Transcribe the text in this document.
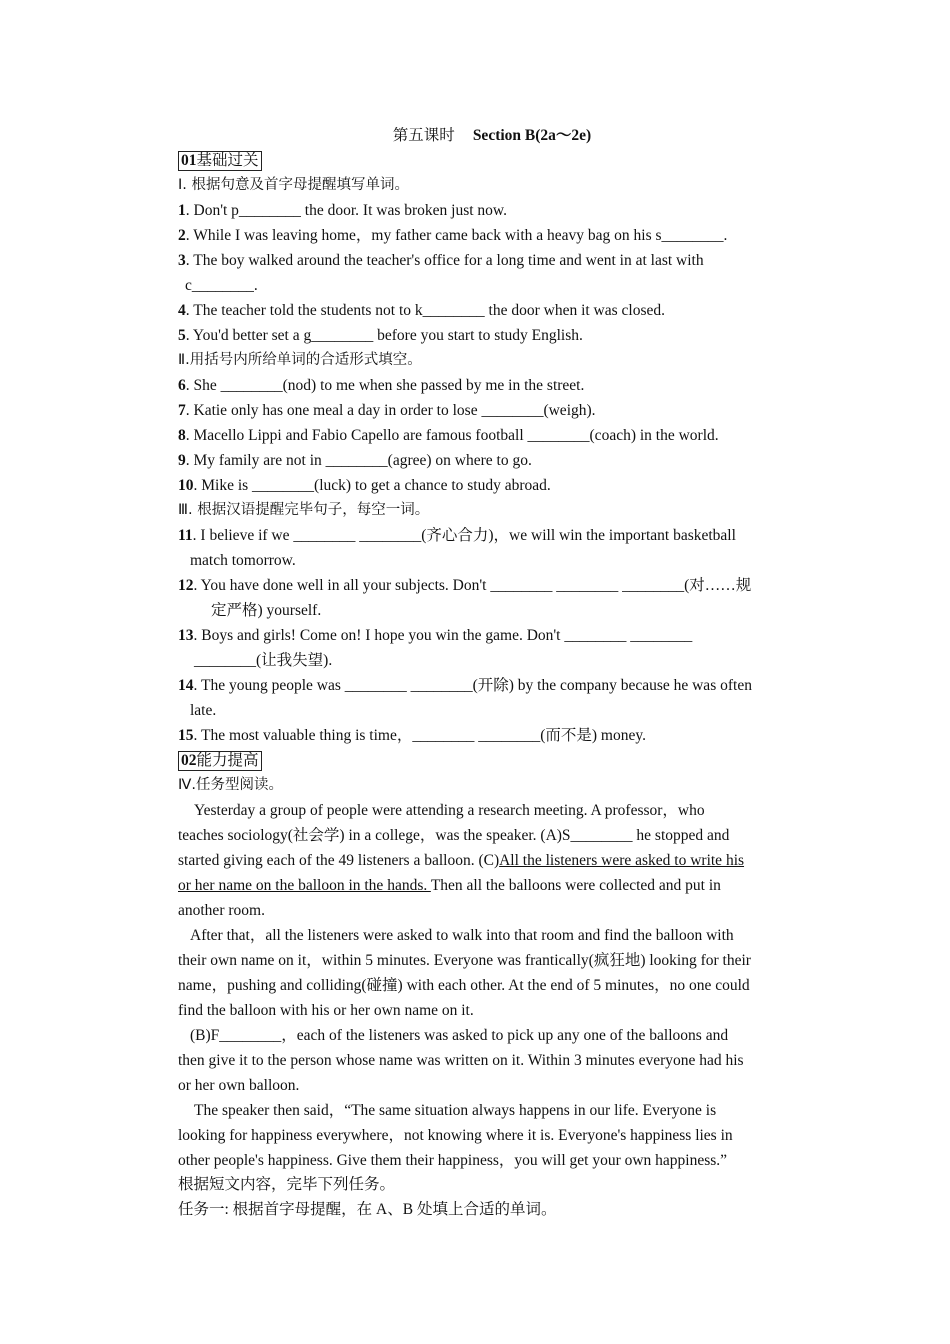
第五课时 Section B(2a～2e)
01基础过关
Ⅰ. 根据句意及首字母提醒填写单词。
1. Don't p________ the door. It was broken just now.
2. While I was leaving home，my father came back with a heavy bag on his s________.
3. The boy walked around the teacher's office for a long time and went in at last with
c________.
4. The teacher told the students not to k________ the door when it was closed.
5. You'd better set a g________ before you start to study English.
Ⅱ.用括号内所给单词的合适形式填空。
6. She ________(nod) to me when she passed by me in the street.
7. Katie only has one meal a day in order to lose ________(weigh).
8. Macello Lippi and Fabio Capello are famous football ________(coach) in the world.
9. My family are not in ________(agree) on where to go.
10. Mike is ________(luck) to get a chance to study abroad.
Ⅲ. 根据汉语提醒完毕句子，每空一词。
11. I believe if we ________ ________(齐心合力)，we will win the important basketball
match tomorrow.
12. You have done well in all your subjects. Don't ________ ________ ________(对……规
定严格) yourself.
13. Boys and girls! Come on! I hope you win the game. Don't ________ ________
________(让我失望).
14. The young people was ________ ________(开除) by the company because he was often
late.
15. The most valuable thing is time，________ ________(而不是) money.
02能力提高
Ⅳ.任务型阅读。
Yesterday a group of people were attending a research meeting. A professor，who
teaches sociology(社会学) in a college，was the speaker. (A)S________ he stopped and
started giving each of the 49 listeners a balloon. (C)All the listeners were asked to write his
or her name on the balloon in the hands. Then all the balloons were collected and put in
another room.
After that，all the listeners were asked to walk into that room and find the balloon with
their own name on it，within 5 minutes. Everyone was frantically(疯狂地) looking for their
name，pushing and colliding(碰撞) with each other. At the end of 5 minutes，no one could
find the balloon with his or her own name on it.
(B)F________，each of the listeners was asked to pick up any one of the balloons and
then give it to the person whose name was written on it. Within 3 minutes everyone had his
or her own balloon.
The speaker then said，“The same situation always happens in our life. Everyone is
looking for happiness everywhere，not knowing where it is. Everyone's happiness lies in
other people's happiness. Give them their happiness，you will get your own happiness.”
根据短文内容，完毕下列任务。
任务一: 根据首字母提醒，在 A、B 处填上合适的单词。
